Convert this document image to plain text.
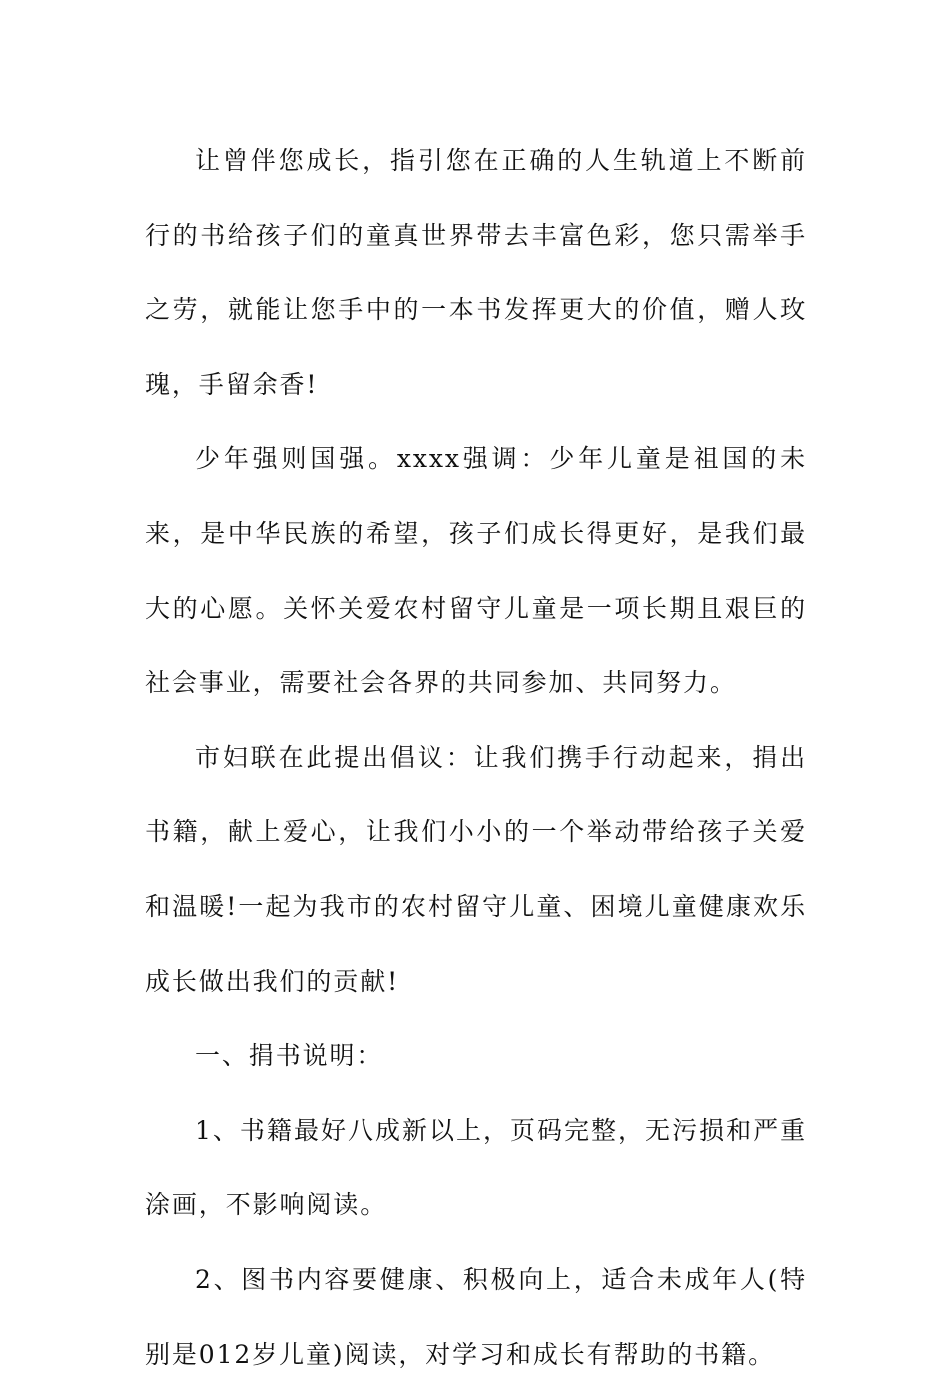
让曾伴您成长，指引您在正确的人生轨道上不断前行的书给孩子们的童真世界带去丰富色彩，您只需举手之劳，就能让您手中的一本书发挥更大的价值，赠人玫瑰，手留余香!

少年强则国强。xxxx强调：少年儿童是祖国的未来，是中华民族的希望，孩子们成长得更好，是我们最大的心愿。关怀关爱农村留守儿童是一项长期且艰巨的社会事业，需要社会各界的共同参加、共同努力。

市妇联在此提出倡议：让我们携手行动起来，捐出书籍，献上爱心，让我们小小的一个举动带给孩子关爱和温暖!一起为我市的农村留守儿童、困境儿童健康欢乐成长做出我们的贡献!

一、捐书说明：

1、书籍最好八成新以上，页码完整，无污损和严重涂画，不影响阅读。

2、图书内容要健康、积极向上，适合未成年人(特别是012岁儿童)阅读，对学习和成长有帮助的书籍。
